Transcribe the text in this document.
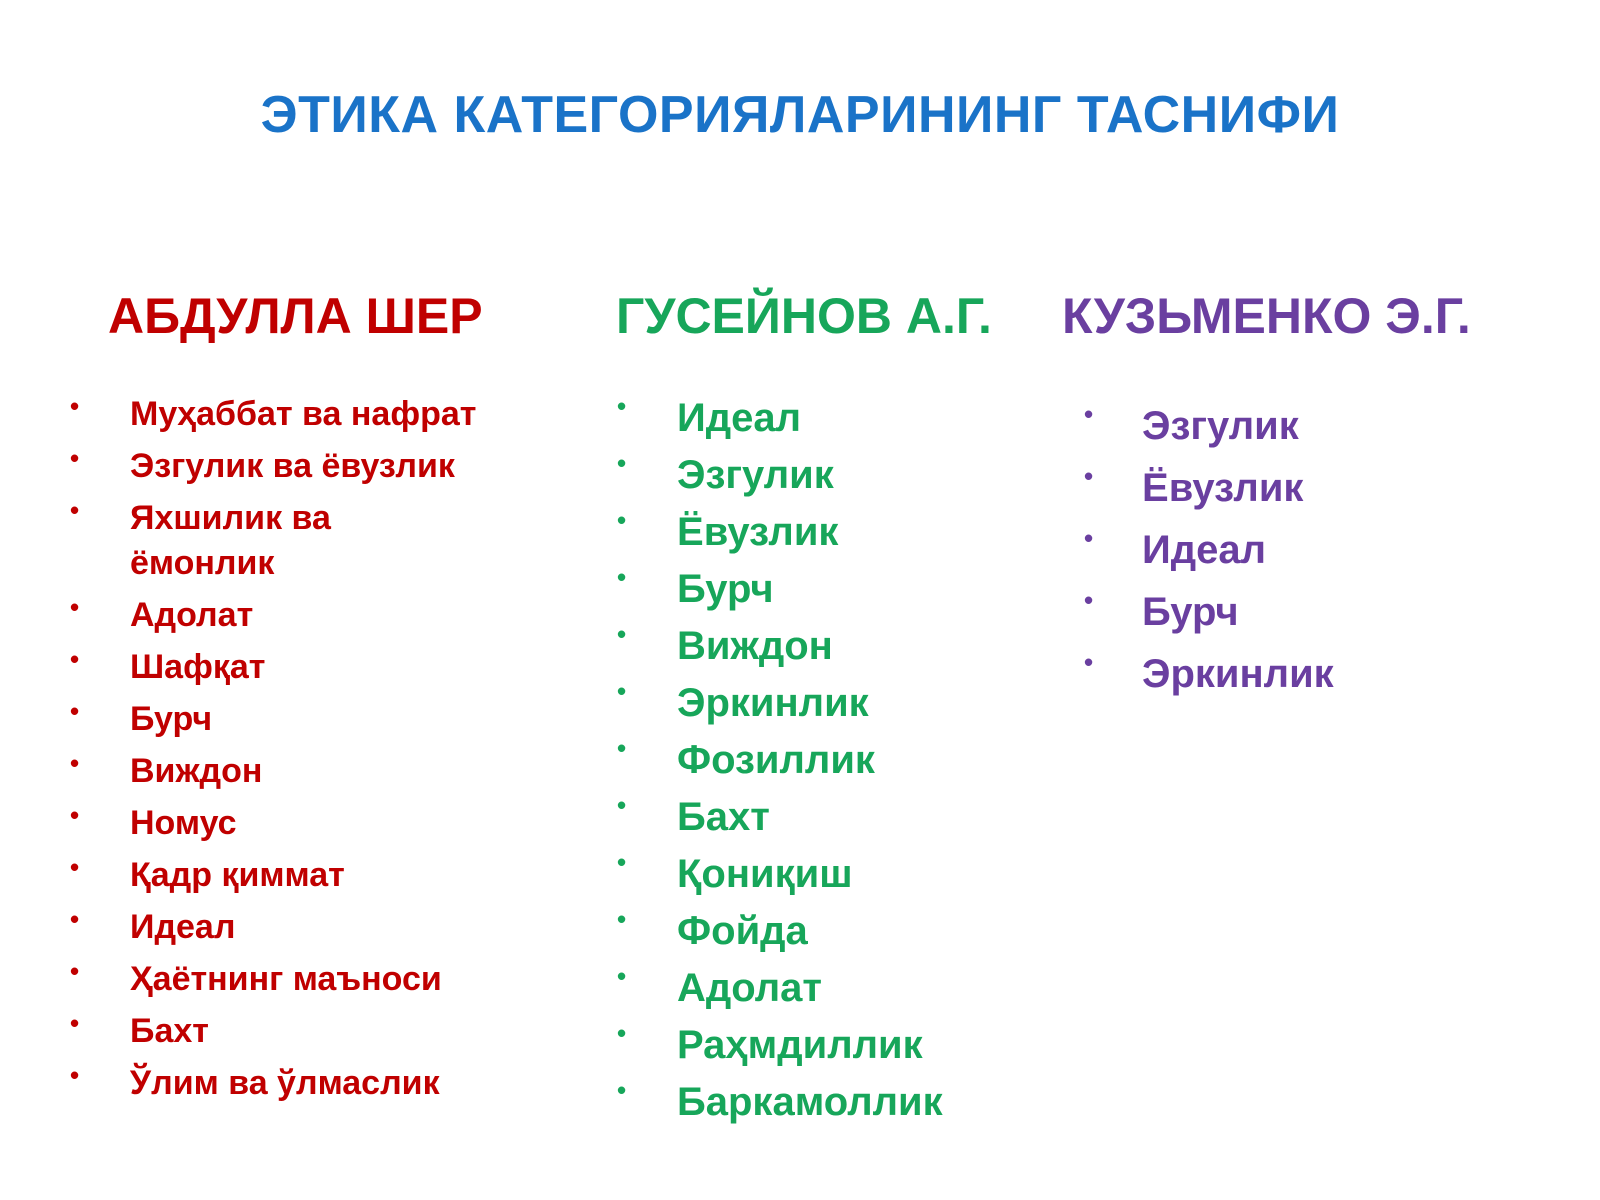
ЭТИКА КАТЕГОРИЯЛАРИНИНГ ТАСНИФИ
АБДУЛЛА ШЕР	ГУСЕЙНОВ А.Г. КУЗЬМЕНКО Э.Г.
• Муҳаббат ва нафрат
• Эзгулик ва ёвузлик
• Яхшилик ва ёмонлик
• Адолат
• Шафқат
• Бурч
• Виждон
• Номус
• Қадр қиммат
• Идеал
• Ҳаётнинг маъноси
• Бахт
• Ўлим ва ўлмаслик
• Идеал
• Эзгулик
• Ёвузлик
• Бурч
• Виждон
• Эркинлик
• Фозиллик
• Бахт
• Қониқиш
• Фойда
• Адолат
• Раҳмдиллик
• Баркамоллик
• Эзгулик
• Ёвузлик
• Идеал
• Бурч
• Эркинлик
